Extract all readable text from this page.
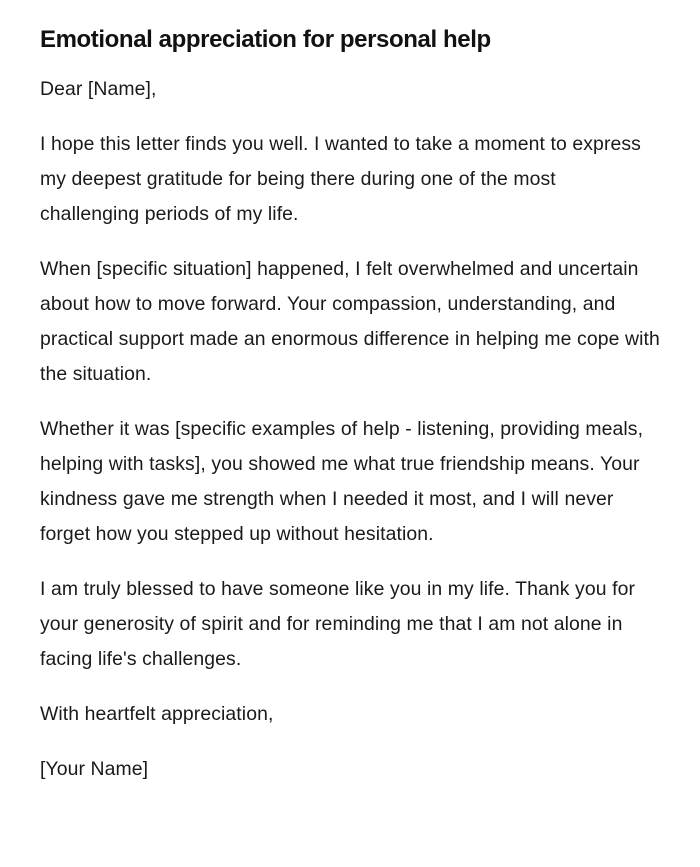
Emotional appreciation for personal help

Dear [Name],

I hope this letter finds you well. I wanted to take a moment to express my deepest gratitude for being there during one of the most challenging periods of my life.

When [specific situation] happened, I felt overwhelmed and uncertain about how to move forward. Your compassion, understanding, and practical support made an enormous difference in helping me cope with the situation.

Whether it was [specific examples of help - listening, providing meals, helping with tasks], you showed me what true friendship means. Your kindness gave me strength when I needed it most, and I will never forget how you stepped up without hesitation.

I am truly blessed to have someone like you in my life. Thank you for your generosity of spirit and for reminding me that I am not alone in facing life's challenges.

With heartfelt appreciation,

[Your Name]
